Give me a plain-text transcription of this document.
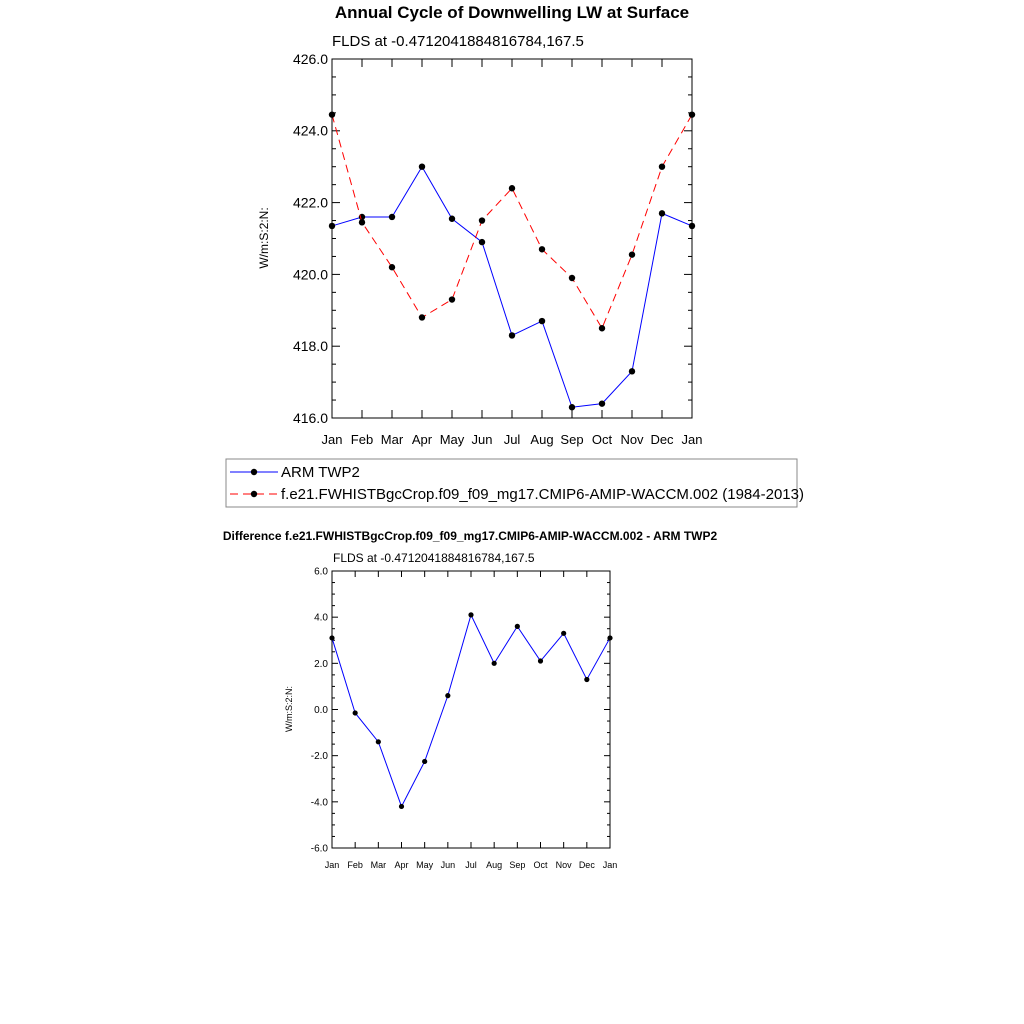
Annual Cycle of Downwelling LW at Surface
FLDS at -0.4712041884816784,167.5
W/m:S:2:N:
416.0
418.0
420.0
422.0
424.0
426.0
Jan Feb Mar Apr May Jun Jul Aug Sep Oct Nov Dec Jan
ARM TWP2
f.e21.FWHISTBgcCrop.f09_f09_mg17.CMIP6-AMIP-WACCM.002 (1984-2013)
Difference f.e21.FWHISTBgcCrop.f09_f09_mg17.CMIP6-AMIP-WACCM.002 - ARM TWP2
FLDS at -0.4712041884816784,167.5
W/m:S:2:N:
-6.0
-4.0
-2.0
0.0
2.0
4.0
6.0
Jan Feb Mar Apr May Jun Jul Aug Sep Oct Nov Dec Jan
